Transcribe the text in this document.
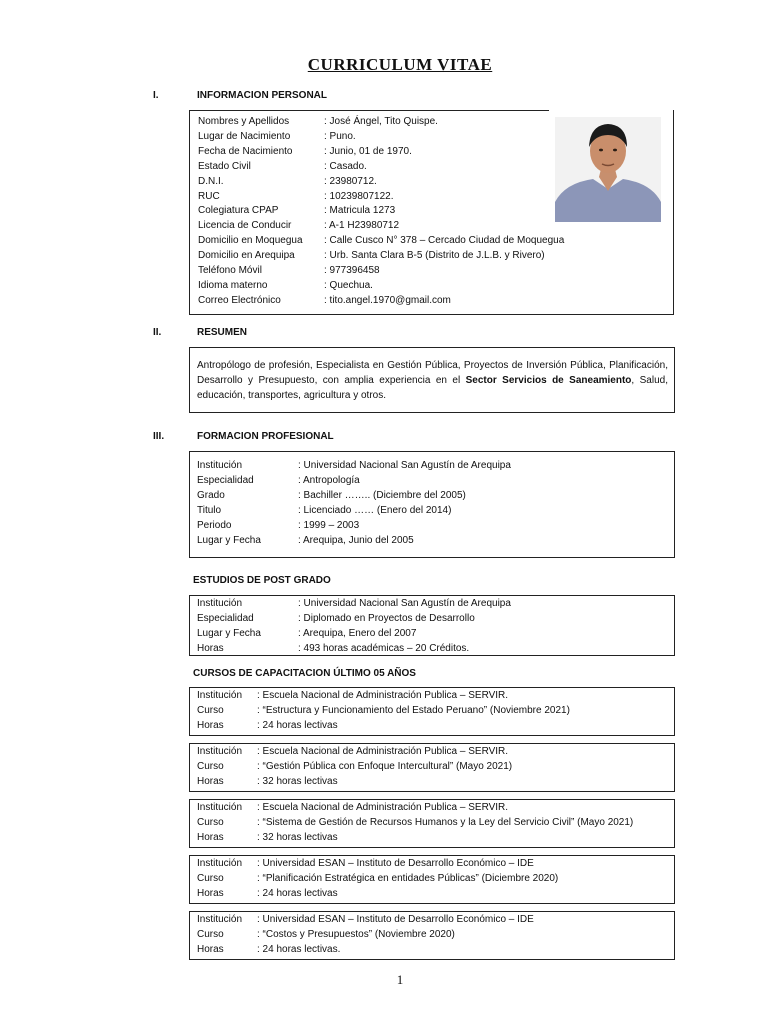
CURRICULUM VITAE
I.	INFORMACION PERSONAL
Nombres y Apellidos	: José Ángel, Tito Quispe.
Lugar de Nacimiento	: Puno.
Fecha de Nacimiento	: Junio, 01 de 1970.
Estado Civil	: Casado.
D.N.I.	: 23980712.
RUC	: 10239807122.
Colegiatura CPAP	: Matricula 1273
Licencia de Conducir	: A-1 H23980712
Domicilio en Moquegua : Calle Cusco N° 378 – Cercado Ciudad de Moquegua
Domicilio en Arequipa	: Urb. Santa Clara B-5 (Distrito de J.L.B. y Rivero)
Teléfono Móvil	: 977396458
Idioma materno	: Quechua.
Correo Electrónico	: tito.angel.1970@gmail.com
II.	RESUMEN
Antropólogo de profesión, Especialista en Gestión Pública, Proyectos de Inversión Pública, Planificación, Desarrollo y Presupuesto, con amplia experiencia en el Sector Servicios de Saneamiento, Salud, educación, transportes, agricultura y otros.
III.	FORMACION PROFESIONAL
Institución	: Universidad Nacional San Agustín de Arequipa
Especialidad	: Antropología
Grado	: Bachiller …….. (Diciembre del 2005)
Titulo	: Licenciado …… (Enero del 2014)
Periodo	: 1999 – 2003
Lugar y Fecha	: Arequipa, Junio del 2005
ESTUDIOS DE POST GRADO
Institución	: Universidad Nacional San Agustín de Arequipa
Especialidad	: Diplomado en Proyectos de Desarrollo
Lugar y Fecha	: Arequipa, Enero del 2007
Horas	: 493 horas académicas – 20 Créditos.
CURSOS DE CAPACITACION ÚLTIMO 05 AÑOS
Institución : Escuela Nacional de Administración Publica – SERVIR.
Curso	: “Estructura y Funcionamiento del Estado Peruano” (Noviembre 2021)
Horas	: 24 horas lectivas
Institución : Escuela Nacional de Administración Publica – SERVIR.
Curso	: “Gestión Pública con Enfoque Intercultural” (Mayo 2021)
Horas	: 32 horas lectivas
Institución : Escuela Nacional de Administración Publica – SERVIR.
Curso	: “Sistema de Gestión de Recursos Humanos y la Ley del Servicio Civil” (Mayo 2021)
Horas	: 32 horas lectivas
Institución : Universidad ESAN – Instituto de Desarrollo Económico – IDE
Curso	: “Planificación Estratégica en entidades Públicas” (Diciembre 2020)
Horas	: 24 horas lectivas
Institución : Universidad ESAN – Instituto de Desarrollo Económico – IDE
Curso	: “Costos y Presupuestos” (Noviembre 2020)
Horas	: 24 horas lectivas.
1
